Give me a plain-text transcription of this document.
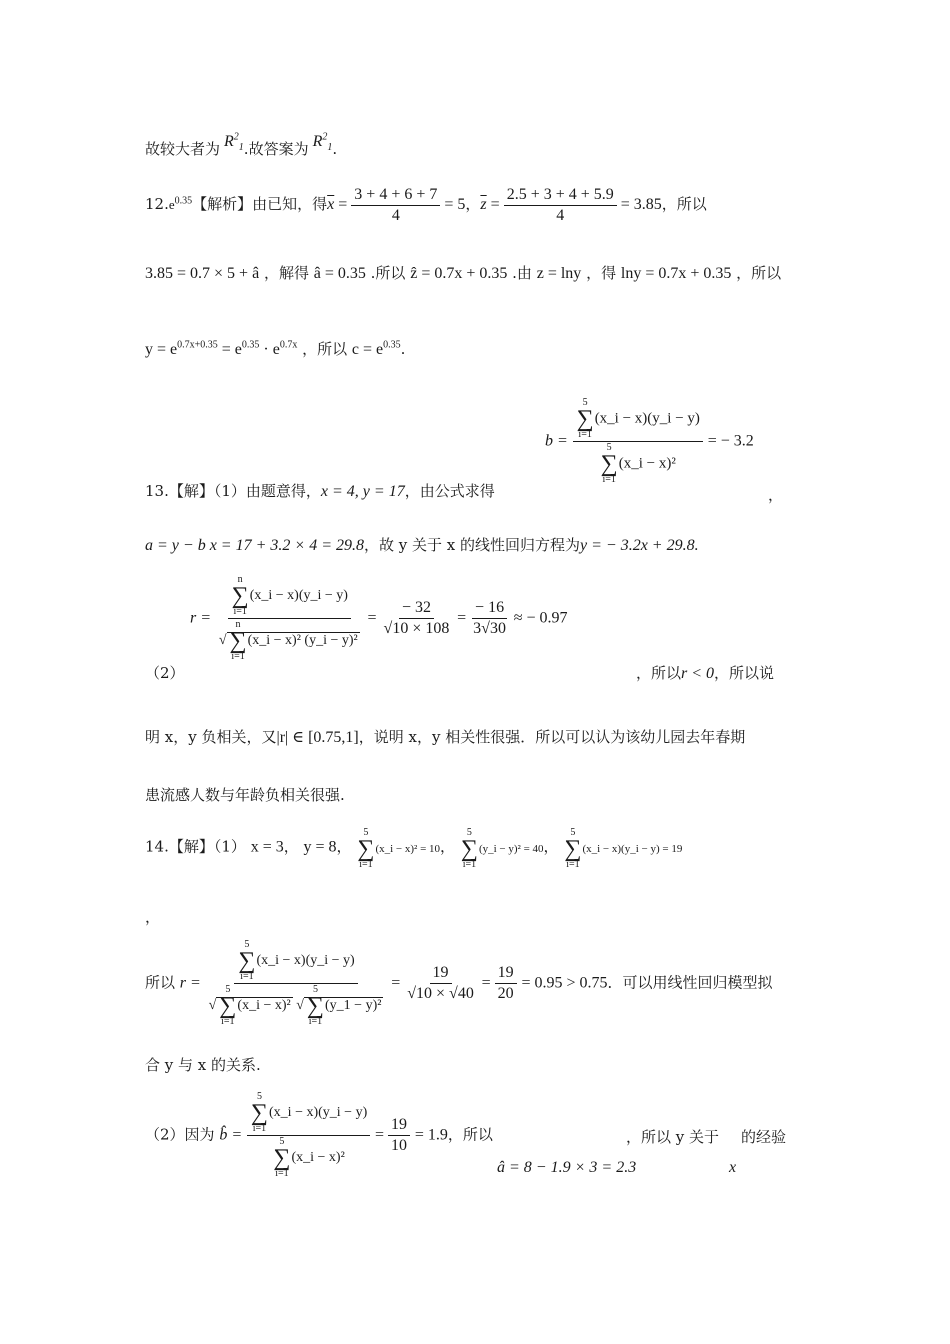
故较大者为 $R^2_1$.故答案为 $R^2_1$.
$12.e^{0.35}$【解析】由已知，得$\overline{x} = \frac{3 + 4 + 6 + 7}{4} = 5$，$\overline{z} = \frac{2.5 + 3 + 4 + 5.9}{4} = 3.85$，所以
3.85 = 0.7 × 5 + â ，解得 â = 0.35 .所以 ẑ = 0.7x + 0.35 .由 z = lny ，得 lny = 0.7x + 0.35 ，所以
$y = e^{0.7x+0.35} = e^{0.35} \cdot e^{0.7x}$ ，所以 $c = e^{0.35}$.
b = 5
∑
i=1
(x_i − x)(y_i − y)
5
∑
i=1
(x_i − x)² = − 3.2
13.【解】（1）由题意得，x = 4, y = 17，由公式求得	，
a = y − b x = 17 + 3.2 × 4 = 29.8，故 y 关于 x 的线性回归方程为y = − 3.2x + 29.8.
r = n
∑
i=1
(x_i − x)(y_i − y)
√
n
∑
i=1
(x_i − x)² (y_i − $y)^2 = \frac{- 32}{√10 \times 108} = \frac{- 16}{3√30}$ ≈ − 0.97
（2）	，所以r < 0，所以说
明 x，y 负相关，又|r| ∈ [0.75,1]，说明 x，y 相关性很强．所以可以认为该幼儿园去年春期
患流感人数与年龄负相关很强.
14.【解】（1） x = 3， y = 8，
5
∑
i=1
(x_i − x)² = 10，
5
∑
i=1
(y_i − y)² = 40，
5
∑
i=1
(x_i − x)(y_i − y) = 19
，
所以 r = 5
∑
i=1
(x_i − x)(y_i − y)
√
5
∑
i=1
(x_i − x)² √
5
∑
i=1
(y_1 − $y)^2 = \frac{19}{√10 \times √40} = \frac{19}{20} = 0.95 > 0.75$．可以用线性回归模型拟
合 y 与 x 的关系.
（2）因为 b̂ = 5
∑
i=1
(x_i − x)(y_i − y)
5
∑
i=1
(x_i − $x)^2 = \frac{19}{10} = 1.9$，所以	，所以 y 关于 的经验
â = 8 − 1.9 × 3 = 2.3	x
